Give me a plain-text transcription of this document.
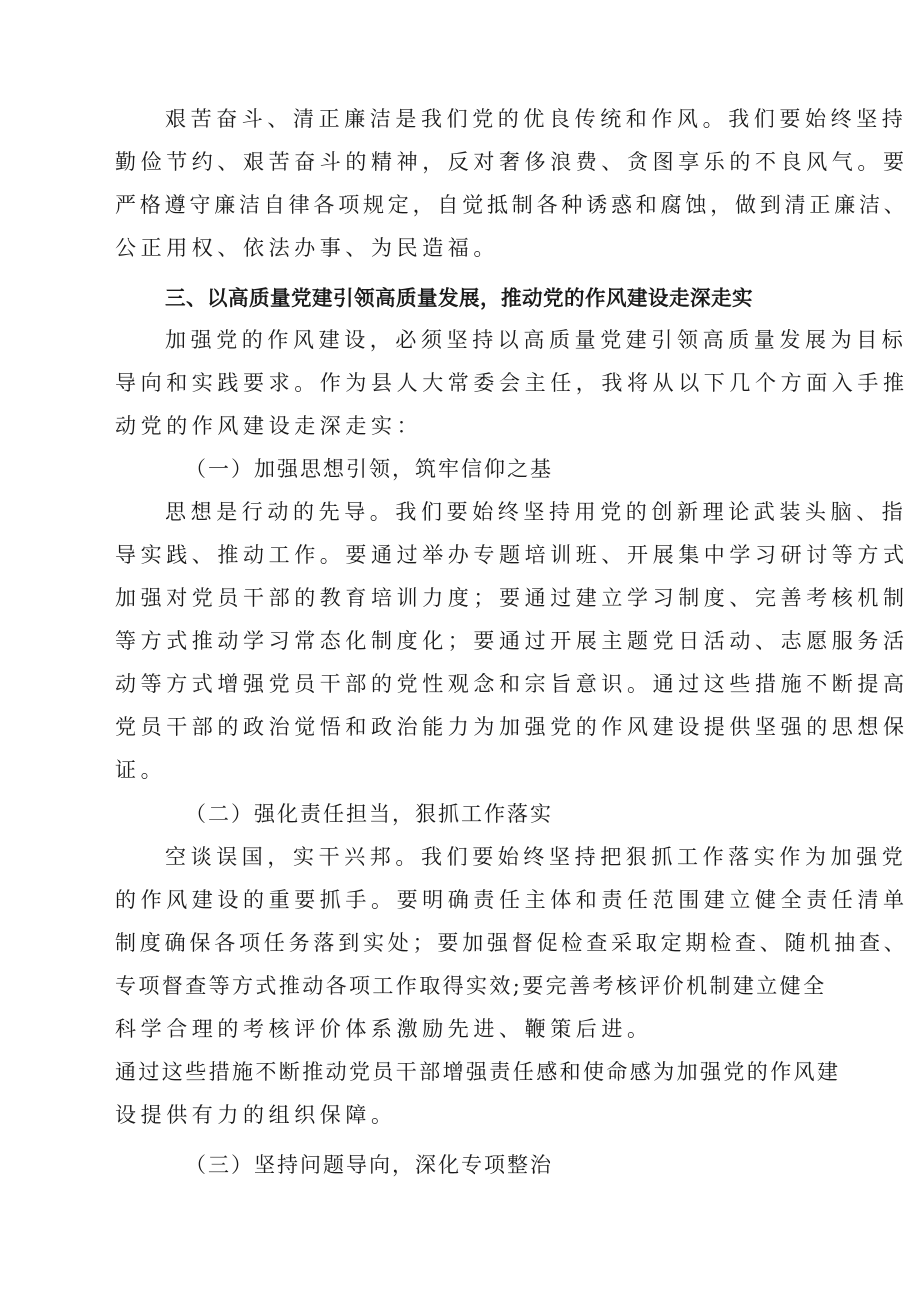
艰苦奋斗、清正廉洁是我们党的优良传统和作风。我们要始终坚持
勤俭节约、艰苦奋斗的精神，反对奢侈浪费、贪图享乐的不良风气。要
严格遵守廉洁自律各项规定，自觉抵制各种诱惑和腐蚀，做到清正廉洁、
公正用权、依法办事、为民造福。
三、以高质量党建引领高质量发展，推动党的作风建设走深走实
加强党的作风建设，必须坚持以高质量党建引领高质量发展为目标
导向和实践要求。作为县人大常委会主任，我将从以下几个方面入手推
动党的作风建设走深走实：
（一）加强思想引领，筑牢信仰之基
思想是行动的先导。我们要始终坚持用党的创新理论武装头脑、指
导实践、推动工作。要通过举办专题培训班、开展集中学习研讨等方式
加强对党员干部的教育培训力度；要通过建立学习制度、完善考核机制
等方式推动学习常态化制度化；要通过开展主题党日活动、志愿服务活
动等方式增强党员干部的党性观念和宗旨意识。通过这些措施不断提高
党员干部的政治觉悟和政治能力为加强党的作风建设提供坚强的思想保
证。
（二）强化责任担当，狠抓工作落实
空谈误国，实干兴邦。我们要始终坚持把狠抓工作落实作为加强党
的作风建设的重要抓手。要明确责任主体和责任范围建立健全责任清单
制度确保各项任务落到实处；要加强督促检查采取定期检查、随机抽查、
专项督查等方式推动各项工作取得实效;要完善考核评价机制建立健全
科学合理的考核评价体系激励先进、鞭策后进。
通过这些措施不断推动党员干部增强责任感和使命感为加强党的作风建
设提供有力的组织保障。
（三）坚持问题导向，深化专项整治
